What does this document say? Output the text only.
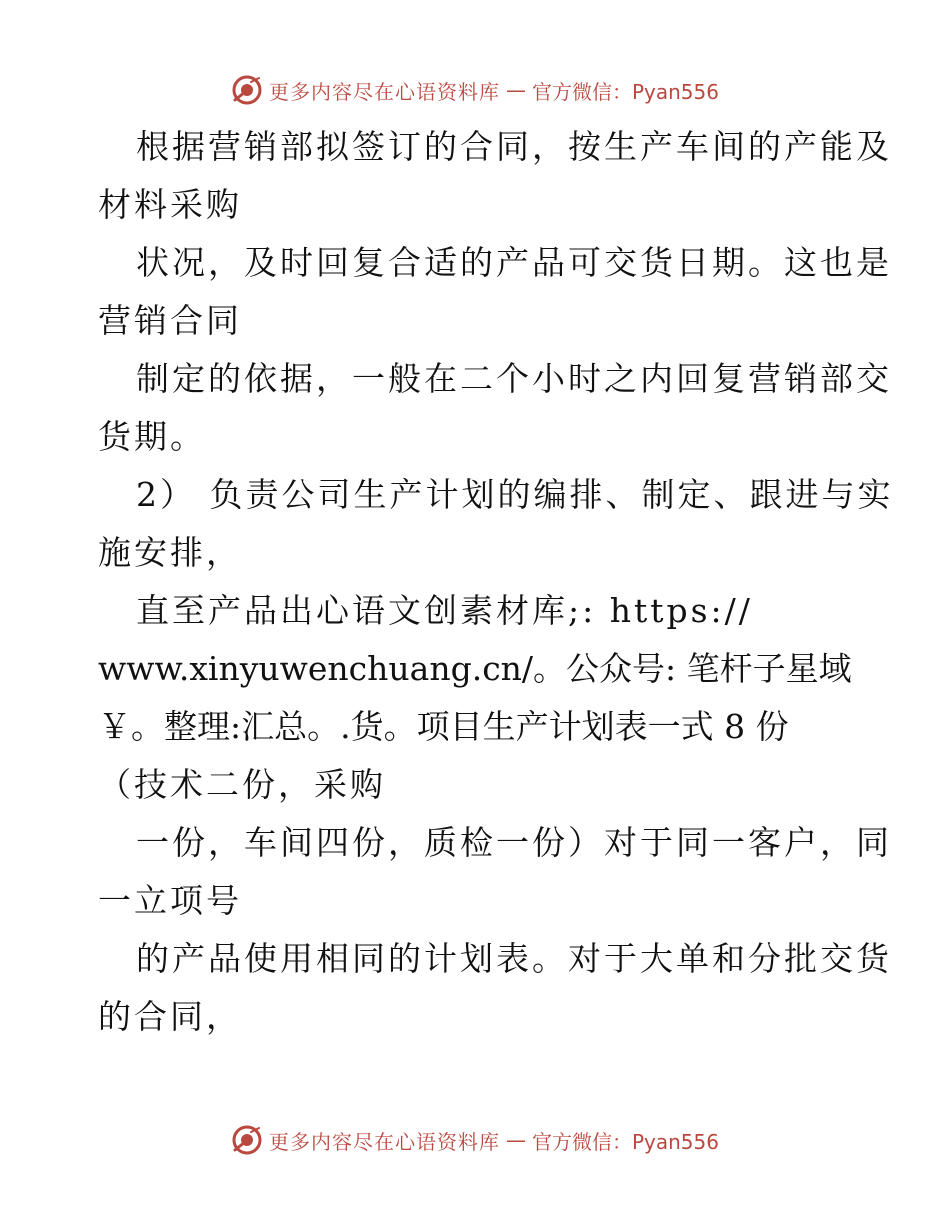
更多内容尽在心语资料库 — 官方微信：Pyan556
根据营销部拟签订的合同，按生产车间的产能及
材料采购
状况，及时回复合适的产品可交货日期。这也是
营销合同
制定的依据，一般在二个小时之内回复营销部交
货期。
2） 负责公司生产计划的编排、制定、跟进与实
施安排，
直至产品出心语文创素材库;: https://
www.xinyuwenchuang.cn/。公众号: 笔杆子星域
￥。整理:汇总。.货。项目生产计划表一式 8 份
（技术二份，采购
一份，车间四份，质检一份）对于同一客户，同
一立项号
的产品使用相同的计划表。对于大单和分批交货
的合同，
更多内容尽在心语资料库 — 官方微信：Pyan556
